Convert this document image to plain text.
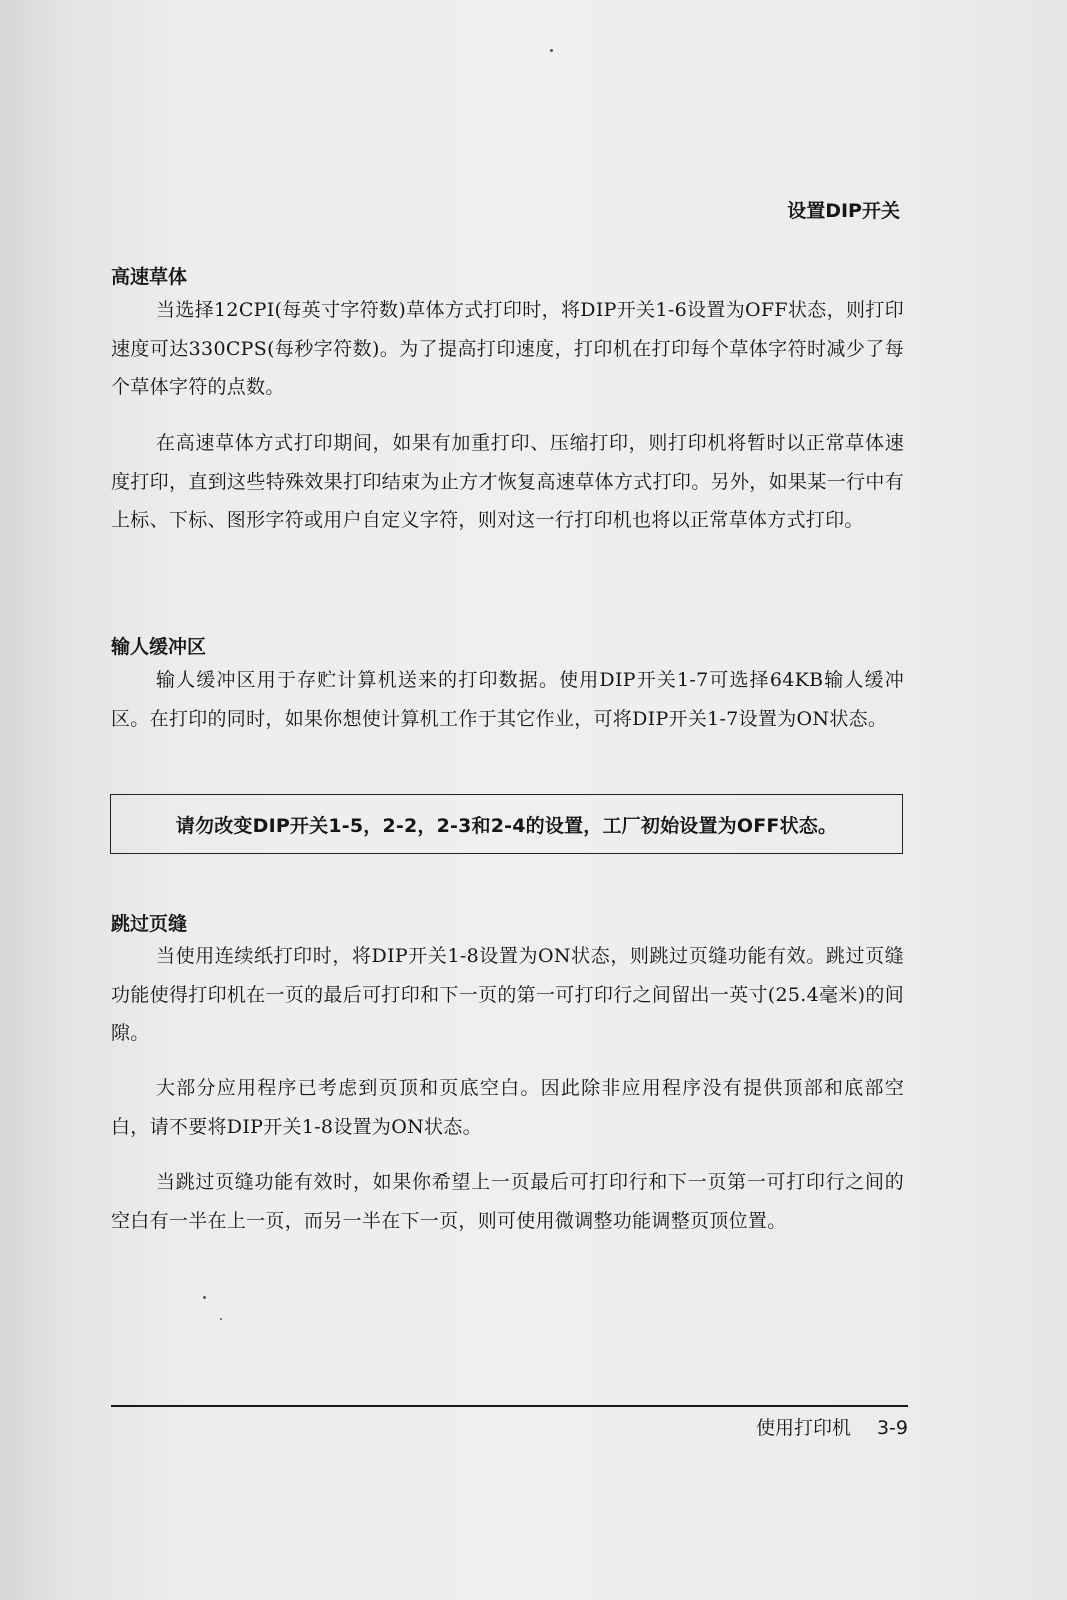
设置DIP开关
高速草体

当选择12CPI(每英寸字符数)草体方式打印时，将DIP开关1-6设置为OFF状态，则打印速度可达330CPS(每秒字符数)。为了提高打印速度，打印机在打印每个草体字符时减少了每个草体字符的点数。

在高速草体方式打印期间，如果有加重打印、压缩打印，则打印机将暂时以正常草体速度打印，直到这些特殊效果打印结束为止方才恢复高速草体方式打印。另外，如果某一行中有上标、下标、图形字符或用户自定义字符，则对这一行打印机也将以正常草体方式打印。

输人缓冲区

输人缓冲区用于存贮计算机送来的打印数据。使用DIP开关1-7可选择64KB输人缓冲区。在打印的同时，如果你想使计算机工作于其它作业，可将DIP开关1-7设置为ON状态。

请勿改变DIP开关1-5，2-2，2-3和2-4的设置，工厂初始设置为OFF状态。
跳过页缝

当使用连续纸打印时，将DIP开关1-8设置为ON状态，则跳过页缝功能有效。跳过页缝功能使得打印机在一页的最后可打印和下一页的第一可打印行之间留出一英寸(25.4毫米)的间隙。

大部分应用程序已考虑到页顶和页底空白。因此除非应用程序没有提供顶部和底部空白，请不要将DIP开关1-8设置为ON状态。

当跳过页缝功能有效时，如果你希望上一页最后可打印行和下一页第一可打印行之间的空白有一半在上一页，而另一半在下一页，则可使用微调整功能调整页顶位置。

使用打印机 3-9
